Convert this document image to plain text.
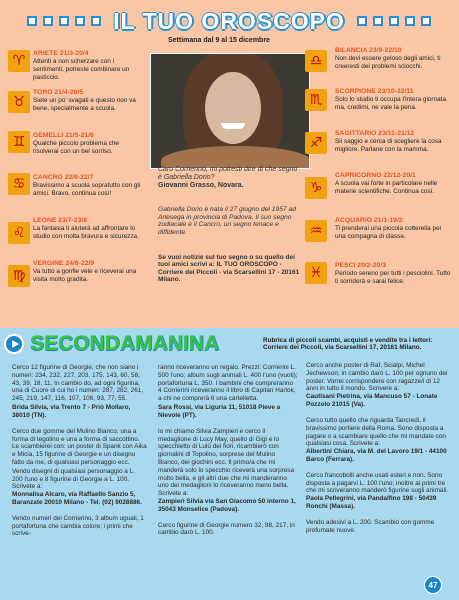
IL TUO OROSCOPO
Settimana dal 9 al 15 dicembre
♈	ARIETE 21/3-20/4
Attenti a non scherzare con i sentimenti, potreste combinare un pasticcio.
♉
TORO 21/4-20/5
Siete un po' svagati e questo non va bene, specialmente a scuola.
♊	GEMELLI 21/5-21/6
Qualche piccolo problema che risolverai con un bel sorriso.
♋	CANCRO 22/6-22/7
Bravissimo a scuola sopratutto con gli amici. Bravo, continua così!
♌
LEONE 23/7-23/8
La fantasia ti aiuterà ad affrontare lo studio con molta bravura e sicurezza.
♍
VERGINE 24/8-22/9
Va tutto a gonfie vele e riceverai una visita molto gradita.
Caro Corrierino, mi potresti dire di che segno è Gabriella Dorio?
Giovanni Grasso, Novara.
Gabriella Dorio è nata il 27 giugno del 1957 ad Arlesega in provincia di Padova. Il suo segno zodiacale è il Cancro, un segno tenace e diffidente.
Se vuoi notizie sul tuo segno o su quello dei tuoi amici scrivi a: IL TUO OROSCOPO - Corriere dei Piccoli - via Scarsellini 17 - 20161 Milano.
♎
BILANCIA 23/9-22/10
Non devi essere geloso degli amici, ti creeresti dei problemi sciocchi.
♏
SCORPIONE 23/10-22/11
Solo lo studio ti occupa l'intera giornata ma, credimi, ne vale la pena.
♐
SAGITTARIO 23/11-21/12
Sii saggio e cerca di scegliere la cosa migliore. Parlane con la mamma.
♑
CAPRICORNO 22/12-20/1
A scuola vai forte in particolare nelle materie scientifiche. Continua così.
♒
ACQUARIO 21/1-19/2
Ti prenderai una piccola cotterella per una compagna di classe.
♓	PESCI 20/2-20/3
Periodo sereno per tutti i pesciolini. Tutto ti sorriderà e sarai felice.
SECONDAMANINA	Rubrica di piccoli scambi, acquisti e vendite tra i lettori: Corriere dei Piccoli, via Scarsellini 17, 20161 Milano.

Cerco 12 figurine di Georgie, che non siano i numeri: 234, 232, 227, 203, 175, 143, 60, 58, 43, 39, 18, 11. In cambio do, ad ogni figurina, una di Cuore di cui ho i numeri: 287, 282, 261, 245, 219, 147, 116, 107, 106, 93, 77, 55.

Brida Silvia, via Trento 7 - Priò Mollaro, 38010 (TN).

Cerco due gomme del Mulino Bianco, una a forma di tegolino e una a forma di saccottino. Le scambierei con: un poster di Spank con Aika e Micia, 15 figurine di Georgie e un disegno fatto da me, di qualsiasi personaggio ecc.

Vendo disegni di qualsiasi personaggio a L. 200 l'uno e 8 figurine di Georgie a L. 100. Scrivete a:

Monnalisa Alcaro, via Raffaello Sanzio 5, Baranzate 20010 Milano - Tel. (02) 9028886.

Vendo numeri del Corrierino, 3 album uguali, 1 portafortuna che cambia colore; i primi che scrive-

ranno riceveranno un regalo. Prezzi: Corrierini L. 500 l'uno; album sugli animali L. 400 l'uno (vuoti); portafortuna L. 350. I bambini che compreranno 4 Corrierini riceveranno il libro di Capitan Harlok, a chi ne comprerà 6 una cartelletta.

Sara Rossi, via Liguria 11, 51018 Pieve a Nievole (PT).

Io mi chiamo Silvia Zampieri e cerco il medaglione di Lucy May, quello di Gigi e lo specchietto di Lulù dei fiori, ricambierò con giornalini di Topolino, sorprese del Mulino Bianco, dei giochini ecc. Il primo/a che mi manderà solo lo specchio riceverà una sorpresa molto bella, e gli altri due che mi manderanno uno dei medaglioni lo riceveranno meno bella. Scrivete a:

Zampieri Silvia via San Giacomo 50 interno 1, 35043 Monselice (Padova).

Cerco figurine di Georgie numero 32, 98, 217, in cambio darò L. 100.

Cerco anche poster di Raf, Scialpi, Michel Jechewson; in cambio darò L. 100 per ognuno dei poster. Vorrei corrispondere con ragazze/i di 12 anni in tutto il mondo. Scrivere a:

Cautisani Pietrina, via Mancuso 57 - Lonate Pozzolo 21015 (Va).

Cerco tutto quello che riguarda Tancredi, il bravissimo portiere della Roma. Sono disposta a pagare o a scambiare quello che mi mandate con qualsiasi cosa. Scrivete a:

Albertini Chiara, via M. del Lavoro 19/1 - 44100 Barco (Ferrara).

Cerco francobolli anche usati esteri e non. Sono disposta a pagarvi L. 100 l'uno; inoltre ai primi tre che mi scriveranno manderò figurine sugli animali.

Paola Pellegrini, via Pandalfino 198 - 50439 Ronchi (Massa).

Vendo adesivi a L. 200. Scambio con gomme profumate nuove.

47
